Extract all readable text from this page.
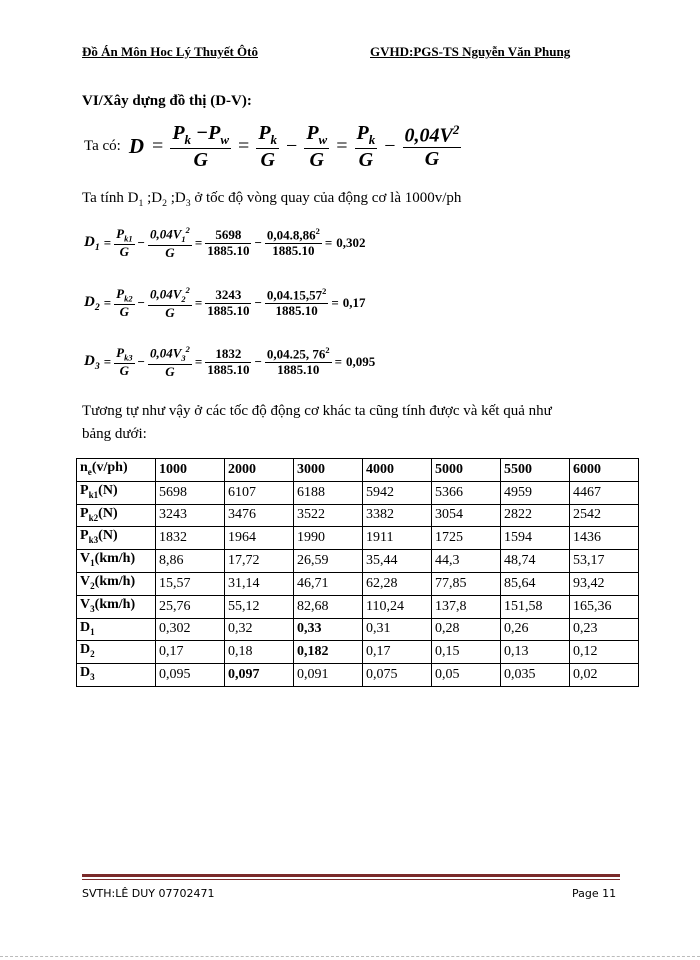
Đồ Án Môn Hoc Lý Thuyết Ôtô	GVHD:PGS-TS Nguyễn Văn Phung
VI/Xây dựng đồ thị (D-V):
Ta có: $D = \frac{P_k -P_w}{G} = \frac{P_k}{G} - \frac{P_w}{G} = \frac{P_k}{G} - \frac{0,04V^2}{G}$
Ta tính $D_1$ $;D_2$ $;D_3$ ở tốc độ vòng quay của động cơ là 1000v/ph
$D_1 = \frac{P_{k1}}{G} - \frac{0,04V_1^2}{G} = \frac{5698}{1885.10} - \frac{0,04.8,86^2}{1885.10} = 0,302$
$D_2 = \frac{P_{k2}}{G} - \frac{0,04V_2^2}{G} = \frac{3243}{1885.10} - \frac{0,04.15,57^2}{1885.10} = 0,17$
$D_3 = \frac{P_{k3}}{G} - \frac{0,04V_3^2}{G} = \frac{1832}{1885.10} - \frac{0,04.25, 76^2}{1885.10} = 0,095$
Tương tự như vậy ở các tốc độ động cơ khác ta cũng tính được và kết quả như
bảng dưới:
$n_e(v/ph)$	1000	2000	3000	4000	5000	5500	6000
$P_{k1}(N)$	5698	6107	6188	5942	5366	4959	4467
$P_{k2}(N)$	3243	3476	3522	3382	3054	2822	2542
$P_{k3}(N)$	1832	1964	1990	1911	1725	1594	1436
$V_1(km/h)$	8,86	17,72	26,59	35,44	44,3	48,74	53,17
$V_2(km/h)$	15,57	31,14	46,71	62,28	77,85	85,64	93,42
$V_3(km/h)$	25,76	55,12	82,68	110,24	137,8	151,58	165,36
$D_1$	0,302	0,32	0,33	0,31	0,28	0,26	0,23
$D_2$	0,17	0,18	0,182	0,17	0,15	0,13	0,12
$D_3$	0,095	0,097	0,091	0,075	0,05	0,035	0,02
SVTH:LÊ DUY 07702471	Page 11
